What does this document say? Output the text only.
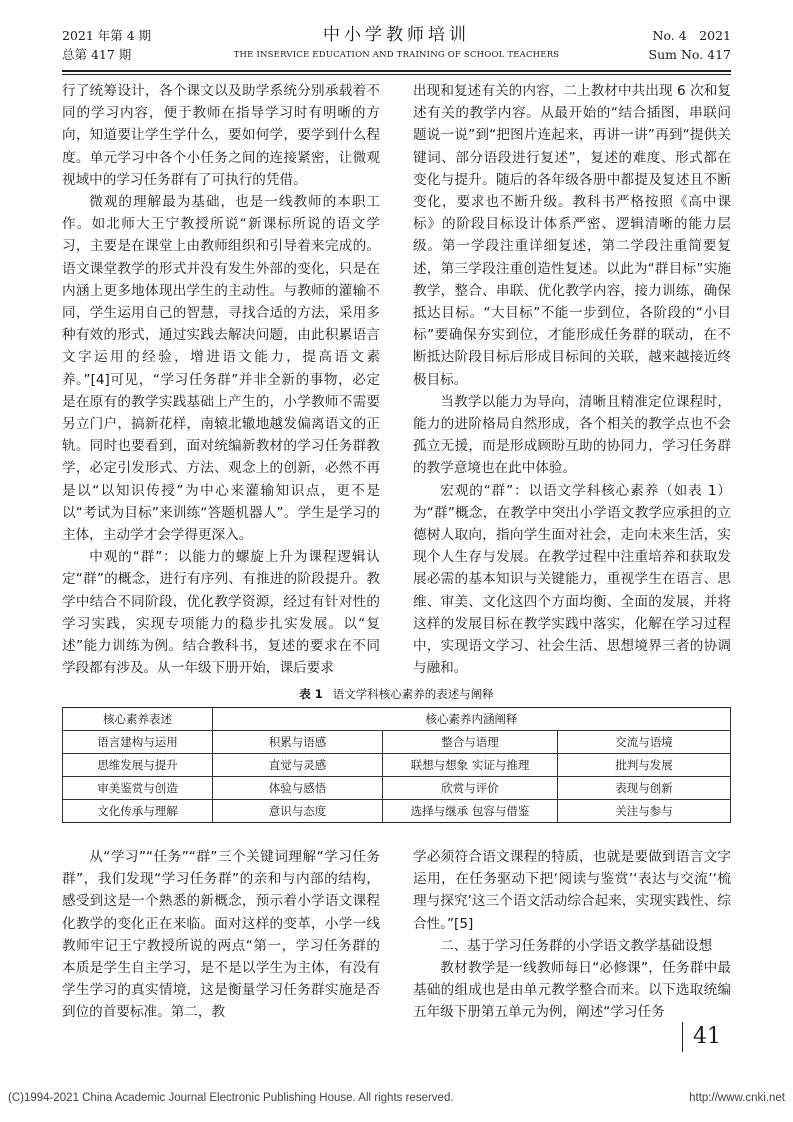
2021 年第 4 期
总第 417 期
中小学教师培训
THE INSERVICE EDUCATION AND TRAINING OF SCHOOL TEACHERS
No. 4　2021
Sum No. 417

行了统筹设计，各个课文以及助学系统分别承载着不同的学习内容，便于教师在指导学习时有明晰的方向，知道要让学生学什么，要如何学，要学到什么程度。单元学习中各个小任务之间的连接紧密，让微观视域中的学习任务群有了可执行的凭借。

微观的理解最为基础，也是一线教师的本职工作。如北师大王宁教授所说“新课标所说的语文学习，主要是在课堂上由教师组织和引导着来完成的。语文课堂教学的形式并没有发生外部的变化，只是在内涵上更多地体现出学生的主动性。与教师的灌输不同，学生运用自己的智慧，寻找合适的方法，采用多种有效的形式，通过实践去解决问题，由此积累语言文字运用的经验，增进语文能力，提高语文素养。”[4]可见，“学习任务群”并非全新的事物，必定是在原有的教学实践基础上产生的，小学教师不需要另立门户，搞新花样，南辕北辙地越发偏离语文的正轨。同时也要看到，面对统编新教材的学习任务群教学，必定引发形式、方法、观念上的创新，必然不再是以“以知识传授”为中心来灌输知识点，更不是以“考试为目标”来训练“答题机器人”。学生是学习的主体，主动学才会学得更深入。

中观的“群”：以能力的螺旋上升为课程逻辑认定“群”的概念，进行有序列、有推进的阶段提升。教学中结合不同阶段，优化教学资源，经过有针对性的学习实践，实现专项能力的稳步扎实发展。以“复述”能力训练为例。结合教科书，复述的要求在不同学段都有涉及。从一年级下册开始，课后要求

出现和复述有关的内容，二上教材中共出现 6 次和复述有关的教学内容。从最开始的“结合插图，串联问题说一说”到“把图片连起来，再讲一讲”再到“提供关键词、部分语段进行复述”，复述的难度、形式都在变化与提升。随后的各年级各册中都提及复述且不断变化，要求也不断升级。教科书严格按照《高中课标》的阶段目标设计体系严密、逻辑清晰的能力层级。第一学段注重详细复述，第二学段注重简要复述，第三学段注重创造性复述。以此为“群目标”实施教学，整合、串联、优化教学内容，接力训练，确保抵达目标。“大目标”不能一步到位，各阶段的“小目标”要确保夯实到位，才能形成任务群的联动，在不断抵达阶段目标后形成目标间的关联，越来越接近终极目标。

当教学以能力为导向，清晰且精准定位课程时，能力的进阶格局自然形成，各个相关的教学点也不会孤立无援，而是形成顾盼互助的协同力，学习任务群的教学意境也在此中体验。

宏观的“群”：以语文学科核心素养（如表 1）为“群”概念，在教学中突出小学语文教学应承担的立德树人取向，指向学生面对社会，走向未来生活，实现个人生存与发展。在教学过程中注重培养和获取发展必需的基本知识与关键能力，重视学生在语言、思维、审美、文化这四个方面均衡、全面的发展，并将这样的发展目标在教学实践中落实，化解在学习过程中，实现语文学习、社会生活、思想境界三者的协调与融和。

表 1 语文学科核心素养的表述与阐释
核心素养表述	核心素养内涵阐释		
语言建构与运用	积累与语感	整合与语理	交流与语境
思维发展与提升	直觉与灵感	联想与想象 实证与推理	批判与发展
审美鉴赏与创造	体验与感悟	欣赏与评价	表现与创新
文化传承与理解	意识与态度	选择与继承 包容与借鉴	关注与参与

从“学习”“任务”“群”三个关键词理解“学习任务群”，我们发现“学习任务群”的亲和与内部的结构，感受到这是一个熟悉的新概念，预示着小学语文课程化教学的变化正在来临。面对这样的变革，小学一线教师牢记王宁教授所说的两点“第一，学习任务群的本质是学生自主学习，是不是以学生为主体，有没有学生学习的真实情境，这是衡量学习任务群实施是否到位的首要标准。第二，教

学必须符合语文课程的特质，也就是要做到语言文字运用，在任务驱动下把‘阅读与鉴赏’‘表达与交流’‘梳理与探究’这三个语文活动综合起来，实现实践性、综合性。”[5]

二、基于学习任务群的小学语文教学基础设想

教材教学是一线教师每日“必修课”，任务群中最基础的组成也是由单元教学整合而来。以下选取统编五年级下册第五单元为例，阐述“学习任务

41
(C)1994-2021 China Academic Journal Electronic Publishing House. All rights reserved.	http://www.cnki.net
